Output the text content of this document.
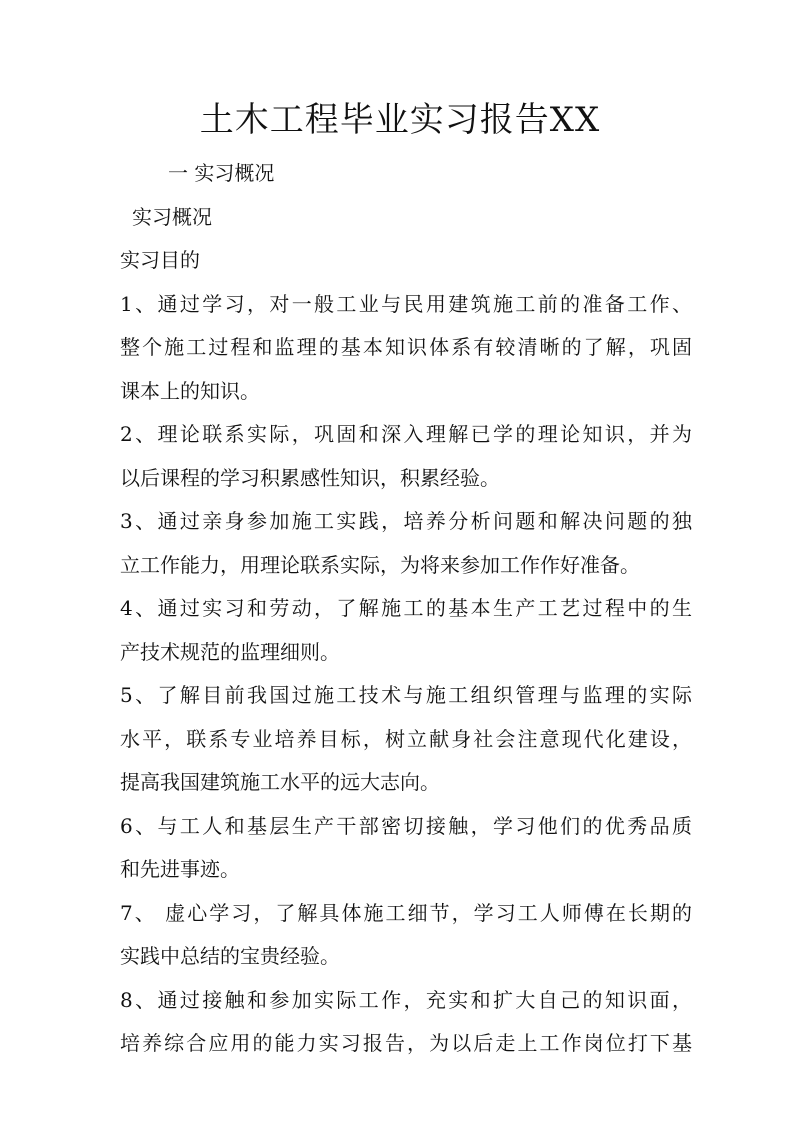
土木工程毕业实习报告XX
一 实习概况
实习概况
实习目的
1、通过学习，对一般工业与民用建筑施工前的准备工作、
整个施工过程和监理的基本知识体系有较清晰的了解，巩固
课本上的知识。
2、理论联系实际，巩固和深入理解已学的理论知识，并为
以后课程的学习积累感性知识，积累经验。
3、通过亲身参加施工实践，培养分析问题和解决问题的独
立工作能力，用理论联系实际，为将来参加工作作好准备。
4、通过实习和劳动，了解施工的基本生产工艺过程中的生
产技术规范的监理细则。
5、了解目前我国过施工技术与施工组织管理与监理的实际
水平，联系专业培养目标，树立献身社会注意现代化建设，
提高我国建筑施工水平的远大志向。
6、与工人和基层生产干部密切接触，学习他们的优秀品质
和先进事迹。
7、 虚心学习，了解具体施工细节，学习工人师傅在长期的
实践中总结的宝贵经验。
8、通过接触和参加实际工作，充实和扩大自己的知识面，
培养综合应用的能力实习报告，为以后走上工作岗位打下基
